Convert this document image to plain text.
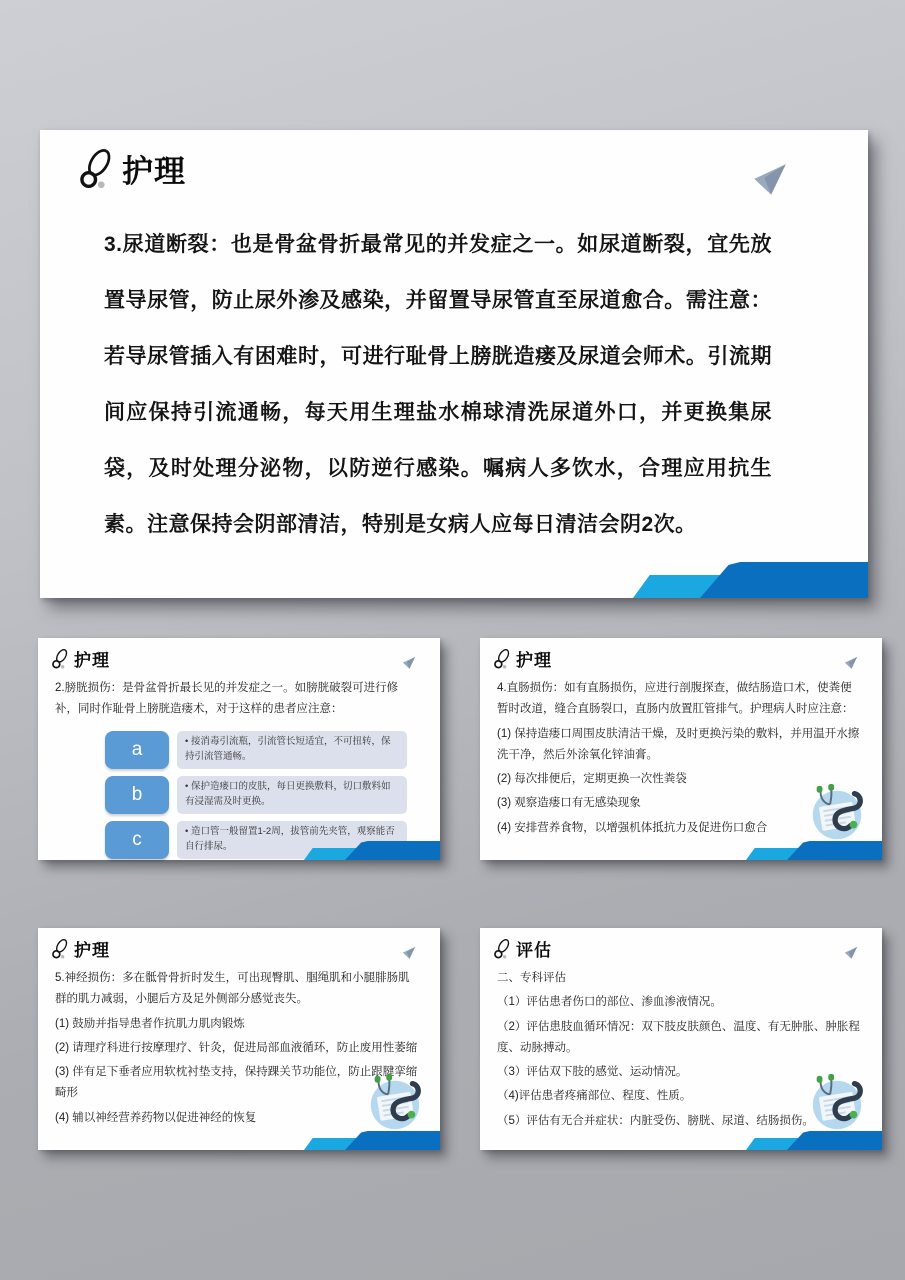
护理

3.尿道断裂：也是骨盆骨折最常见的并发症之一。如尿道断裂，宜先放置导尿管，防止尿外渗及感染，并留置导尿管直至尿道愈合。需注意：若导尿管插入有困难时，可进行耻骨上膀胱造瘘及尿道会师术。引流期间应保持引流通畅，每天用生理盐水棉球清洗尿道外口，并更换集尿袋，及时处理分泌物，以防逆行感染。嘱病人多饮水，合理应用抗生素。注意保持会阴部清洁，特别是女病人应每日清洁会阴2次。

护理

2.膀胱损伤：是骨盆骨折最长见的并发症之一。如膀胱破裂可进行修补，同时作耻骨上膀胱造瘘术，对于这样的患者应注意：

a	• 接消毒引流瓶，引流管长短适宜，不可扭转，保持引流管通畅。
b	• 保护造瘘口的皮肤，每日更换敷料，切口敷料如有浸湿需及时更换。
c	• 造口管一般留置1-2周，拔管前先夹管，观察能否自行排尿。
护理

4.直肠损伤：如有直肠损伤，应进行剖腹探查，做结肠造口术，使粪便暂时改道，缝合直肠裂口，直肠内放置肛管排气。护理病人时应注意：

(1) 保持造瘘口周围皮肤清洁干燥，及时更换污染的敷料，并用温开水擦洗干净，然后外涂氧化锌油膏。

(2) 每次排便后，定期更换一次性粪袋

(3) 观察造瘘口有无感染现象

(4) 安排营养食物，以增强机体抵抗力及促进伤口愈合

护理

5.神经损伤：多在骶骨骨折时发生，可出现臀肌、腘绳肌和小腿腓肠肌群的肌力减弱，小腿后方及足外侧部分感觉丧失。

(1) 鼓励并指导患者作抗肌力肌肉锻炼

(2) 请理疗科进行按摩理疗、针灸，促进局部血液循环，防止废用性萎缩

(3) 伴有足下垂者应用软枕衬垫支持，保持踝关节功能位，防止跟腱挛缩畸形

(4) 辅以神经营养药物以促进神经的恢复

评估

二、专科评估

（1）评估患者伤口的部位、渗血渗液情况。

（2）评估患肢血循环情况：双下肢皮肤颜色、温度、有无肿胀、肿胀程度、动脉搏动。

（3）评估双下肢的感觉、运动情况。

（4)评估患者疼痛部位、程度、性质。

（5）评估有无合并症状：内脏受伤、膀胱、尿道、结肠损伤。
